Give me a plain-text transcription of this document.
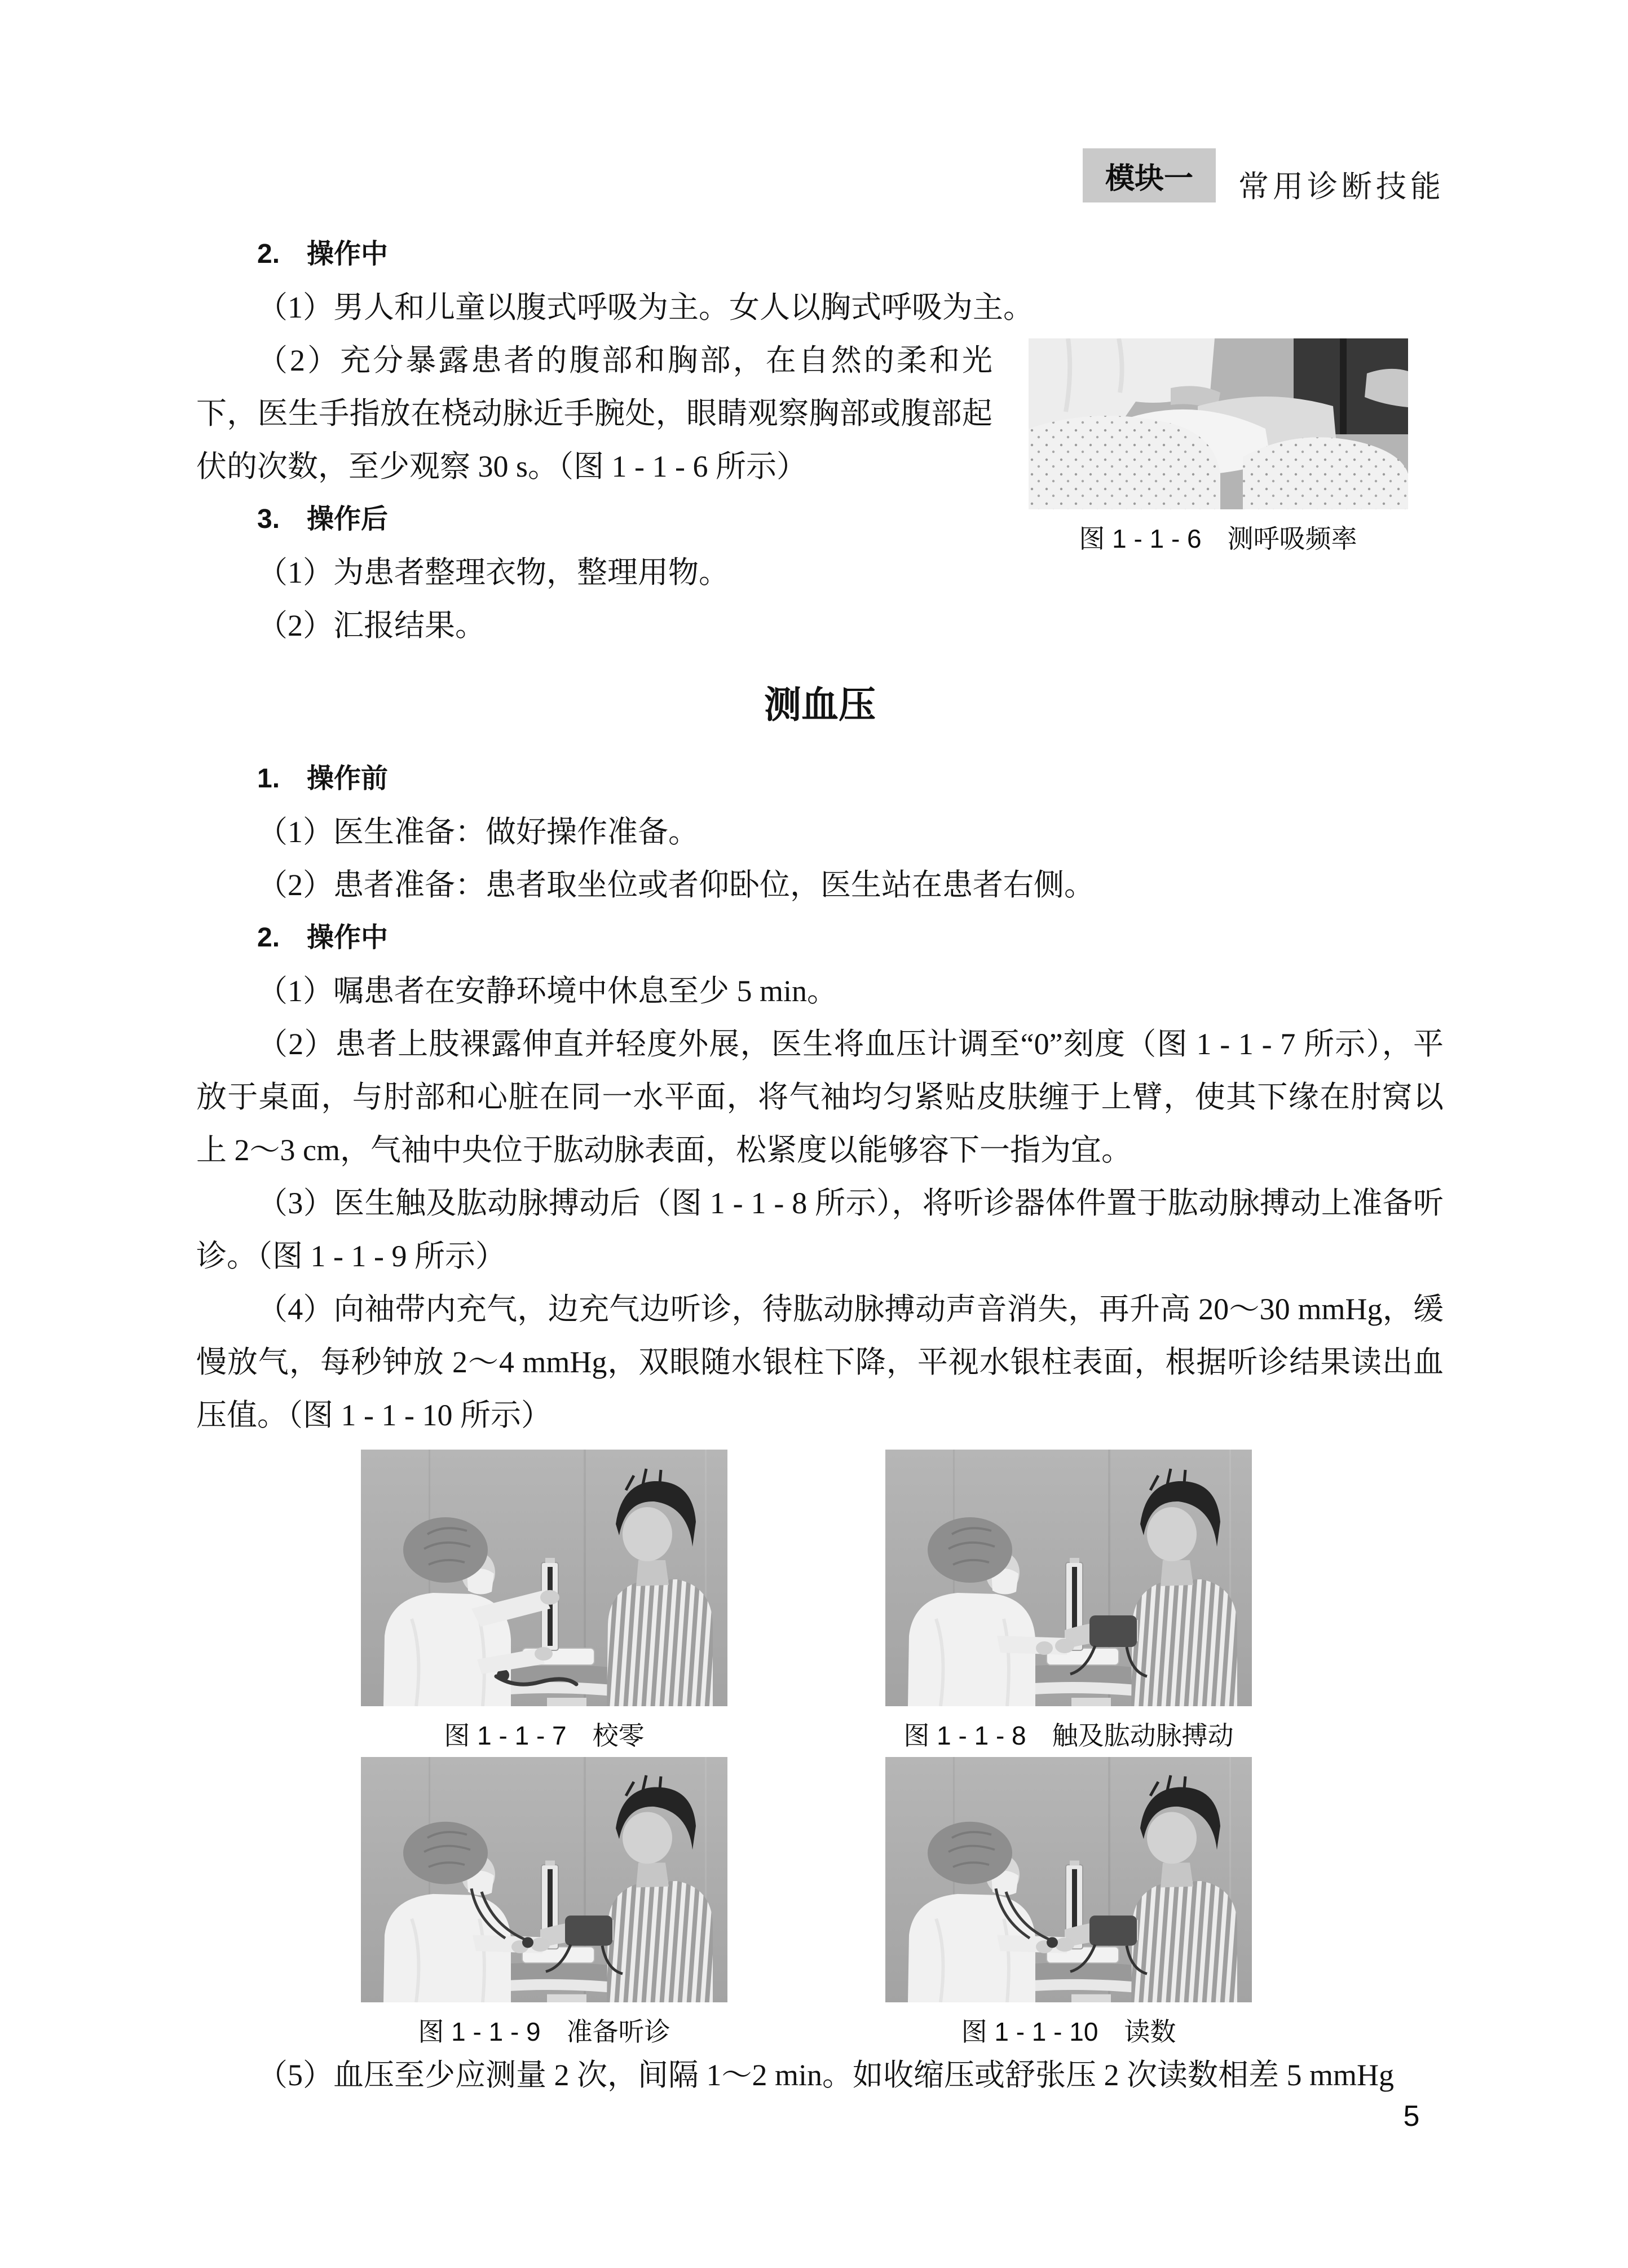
模块一 常用诊断技能

2.　操作中

（1）男人和儿童以腹式呼吸为主。女人以胸式呼吸为主。

图 1 - 1 - 6　测呼吸频率

（2）充分暴露患者的腹部和胸部，在自然的柔和光下，医生手指放在桡动脉近手腕处，眼睛观察胸部或腹部起伏的次数，至少观察 30 s。（图 1 - 1 - 6 所示）

3.　操作后

（1）为患者整理衣物，整理用物。

（2）汇报结果。

测血压

1.　操作前

（1）医生准备：做好操作准备。

（2）患者准备：患者取坐位或者仰卧位，医生站在患者右侧。

2.　操作中

（1）嘱患者在安静环境中休息至少 5 min。

（2）患者上肢裸露伸直并轻度外展，医生将血压计调至“0”刻度（图 1 - 1 - 7 所示），平放于桌面，与肘部和心脏在同一水平面，将气袖均匀紧贴皮肤缠于上臂，使其下缘在肘窝以上 2～3 cm，气袖中央位于肱动脉表面，松紧度以能够容下一指为宜。

（3）医生触及肱动脉搏动后（图 1 - 1 - 8 所示），将听诊器体件置于肱动脉搏动上准备听诊。（图 1 - 1 - 9 所示）

（4）向袖带内充气，边充气边听诊，待肱动脉搏动声音消失，再升高 20～30 mmHg，缓慢放气，每秒钟放 2～4 mmHg，双眼随水银柱下降，平视水银柱表面，根据听诊结果读出血压值。（图 1 - 1 - 10 所示）

图 1 - 1 - 7　校零	图 1 - 1 - 8　触及肱动脉搏动
图 1 - 1 - 9　准备听诊	图 1 - 1 - 10　读数

（5）血压至少应测量 2 次，间隔 1～2 min。如收缩压或舒张压 2 次读数相差 5 mmHg

5
